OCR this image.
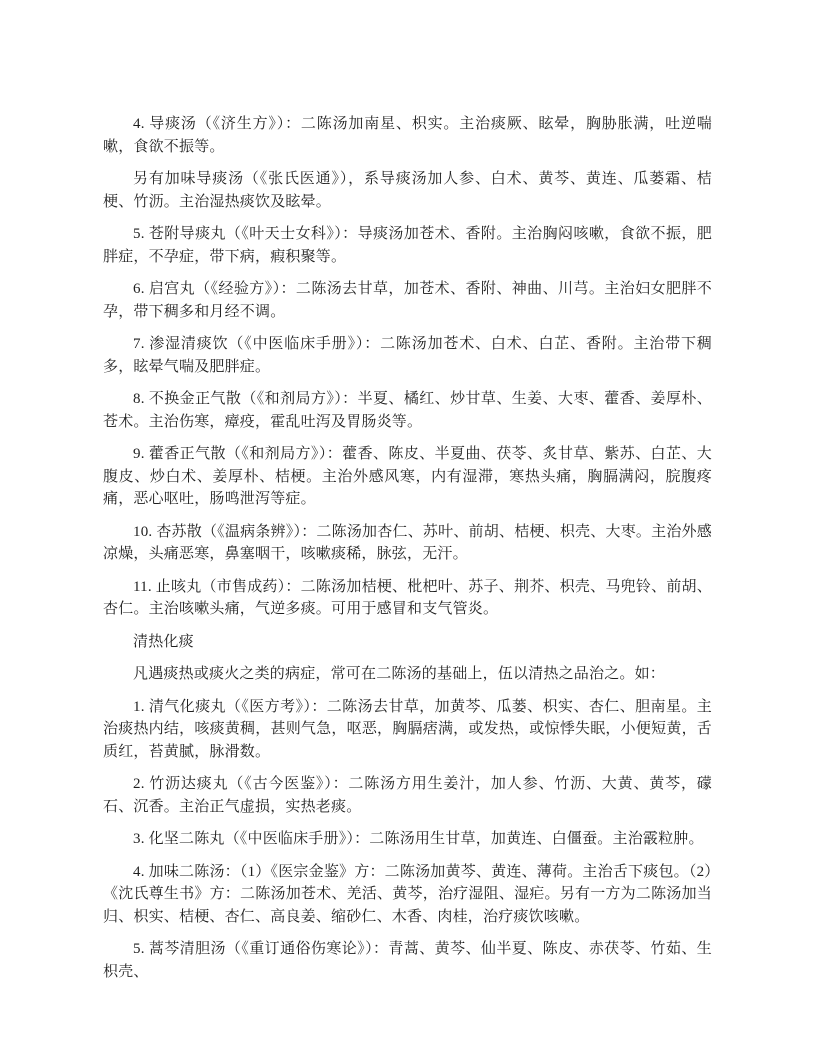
4. 导痰汤（《济生方》）：二陈汤加南星、枳实。主治痰厥、眩晕，胸胁胀满，吐逆喘嗽，食欲不振等。

另有加味导痰汤（《张氏医通》），系导痰汤加人参、白术、黄芩、黄连、瓜蒌霜、桔梗、竹沥。主治湿热痰饮及眩晕。

5. 苍附导痰丸（《叶天士女科》）：导痰汤加苍术、香附。主治胸闷咳嗽，食欲不振，肥胖症，不孕症，带下病，瘕积聚等。

6. 启宫丸（《经验方》）：二陈汤去甘草，加苍术、香附、神曲、川芎。主治妇女肥胖不孕，带下稠多和月经不调。

7. 渗湿清痰饮（《中医临床手册》）：二陈汤加苍术、白术、白芷、香附。主治带下稠多，眩晕气喘及肥胖症。

8. 不换金正气散（《和剂局方》）：半夏、橘红、炒甘草、生姜、大枣、藿香、姜厚朴、苍术。主治伤寒，瘴疫，霍乱吐泻及胃肠炎等。

9. 藿香正气散（《和剂局方》）：藿香、陈皮、半夏曲、茯苓、炙甘草、紫苏、白芷、大腹皮、炒白术、姜厚朴、桔梗。主治外感风寒，内有湿滞，寒热头痛，胸膈满闷，脘腹疼痛，恶心呕吐，肠鸣泄泻等症。

10. 杏苏散（《温病条辨》）：二陈汤加杏仁、苏叶、前胡、桔梗、枳壳、大枣。主治外感凉燥，头痛恶寒，鼻塞咽干，咳嗽痰稀，脉弦，无汗。

11. 止咳丸（市售成药）：二陈汤加桔梗、枇杷叶、苏子、荆芥、枳壳、马兜铃、前胡、杏仁。主治咳嗽头痛，气逆多痰。可用于感冒和支气管炎。

清热化痰

凡遇痰热或痰火之类的病症，常可在二陈汤的基础上，伍以清热之品治之。如：

1. 清气化痰丸（《医方考》）：二陈汤去甘草，加黄芩、瓜蒌、枳实、杏仁、胆南星。主治痰热内结，咳痰黄稠，甚则气急，呕恶，胸膈痞满，或发热，或惊悸失眠，小便短黄，舌质红，苔黄腻，脉滑数。

2. 竹沥达痰丸（《古今医鉴》）：二陈汤方用生姜汁，加人参、竹沥、大黄、黄芩，礞石、沉香。主治正气虚损，实热老痰。

3. 化坚二陈丸（《中医临床手册》）：二陈汤用生甘草，加黄连、白僵蚕。主治霰粒肿。

4. 加味二陈汤：（1）《医宗金鉴》方：二陈汤加黄芩、黄连、薄荷。主治舌下痰包。（2）《沈氏尊生书》方：二陈汤加苍术、羌活、黄芩，治疗湿阻、湿疟。另有一方为二陈汤加当归、枳实、桔梗、杏仁、高良姜、缩砂仁、木香、肉桂，治疗痰饮咳嗽。

5. 蒿芩清胆汤（《重订通俗伤寒论》）：青蒿、黄芩、仙半夏、陈皮、赤茯苓、竹茹、生枳壳、
